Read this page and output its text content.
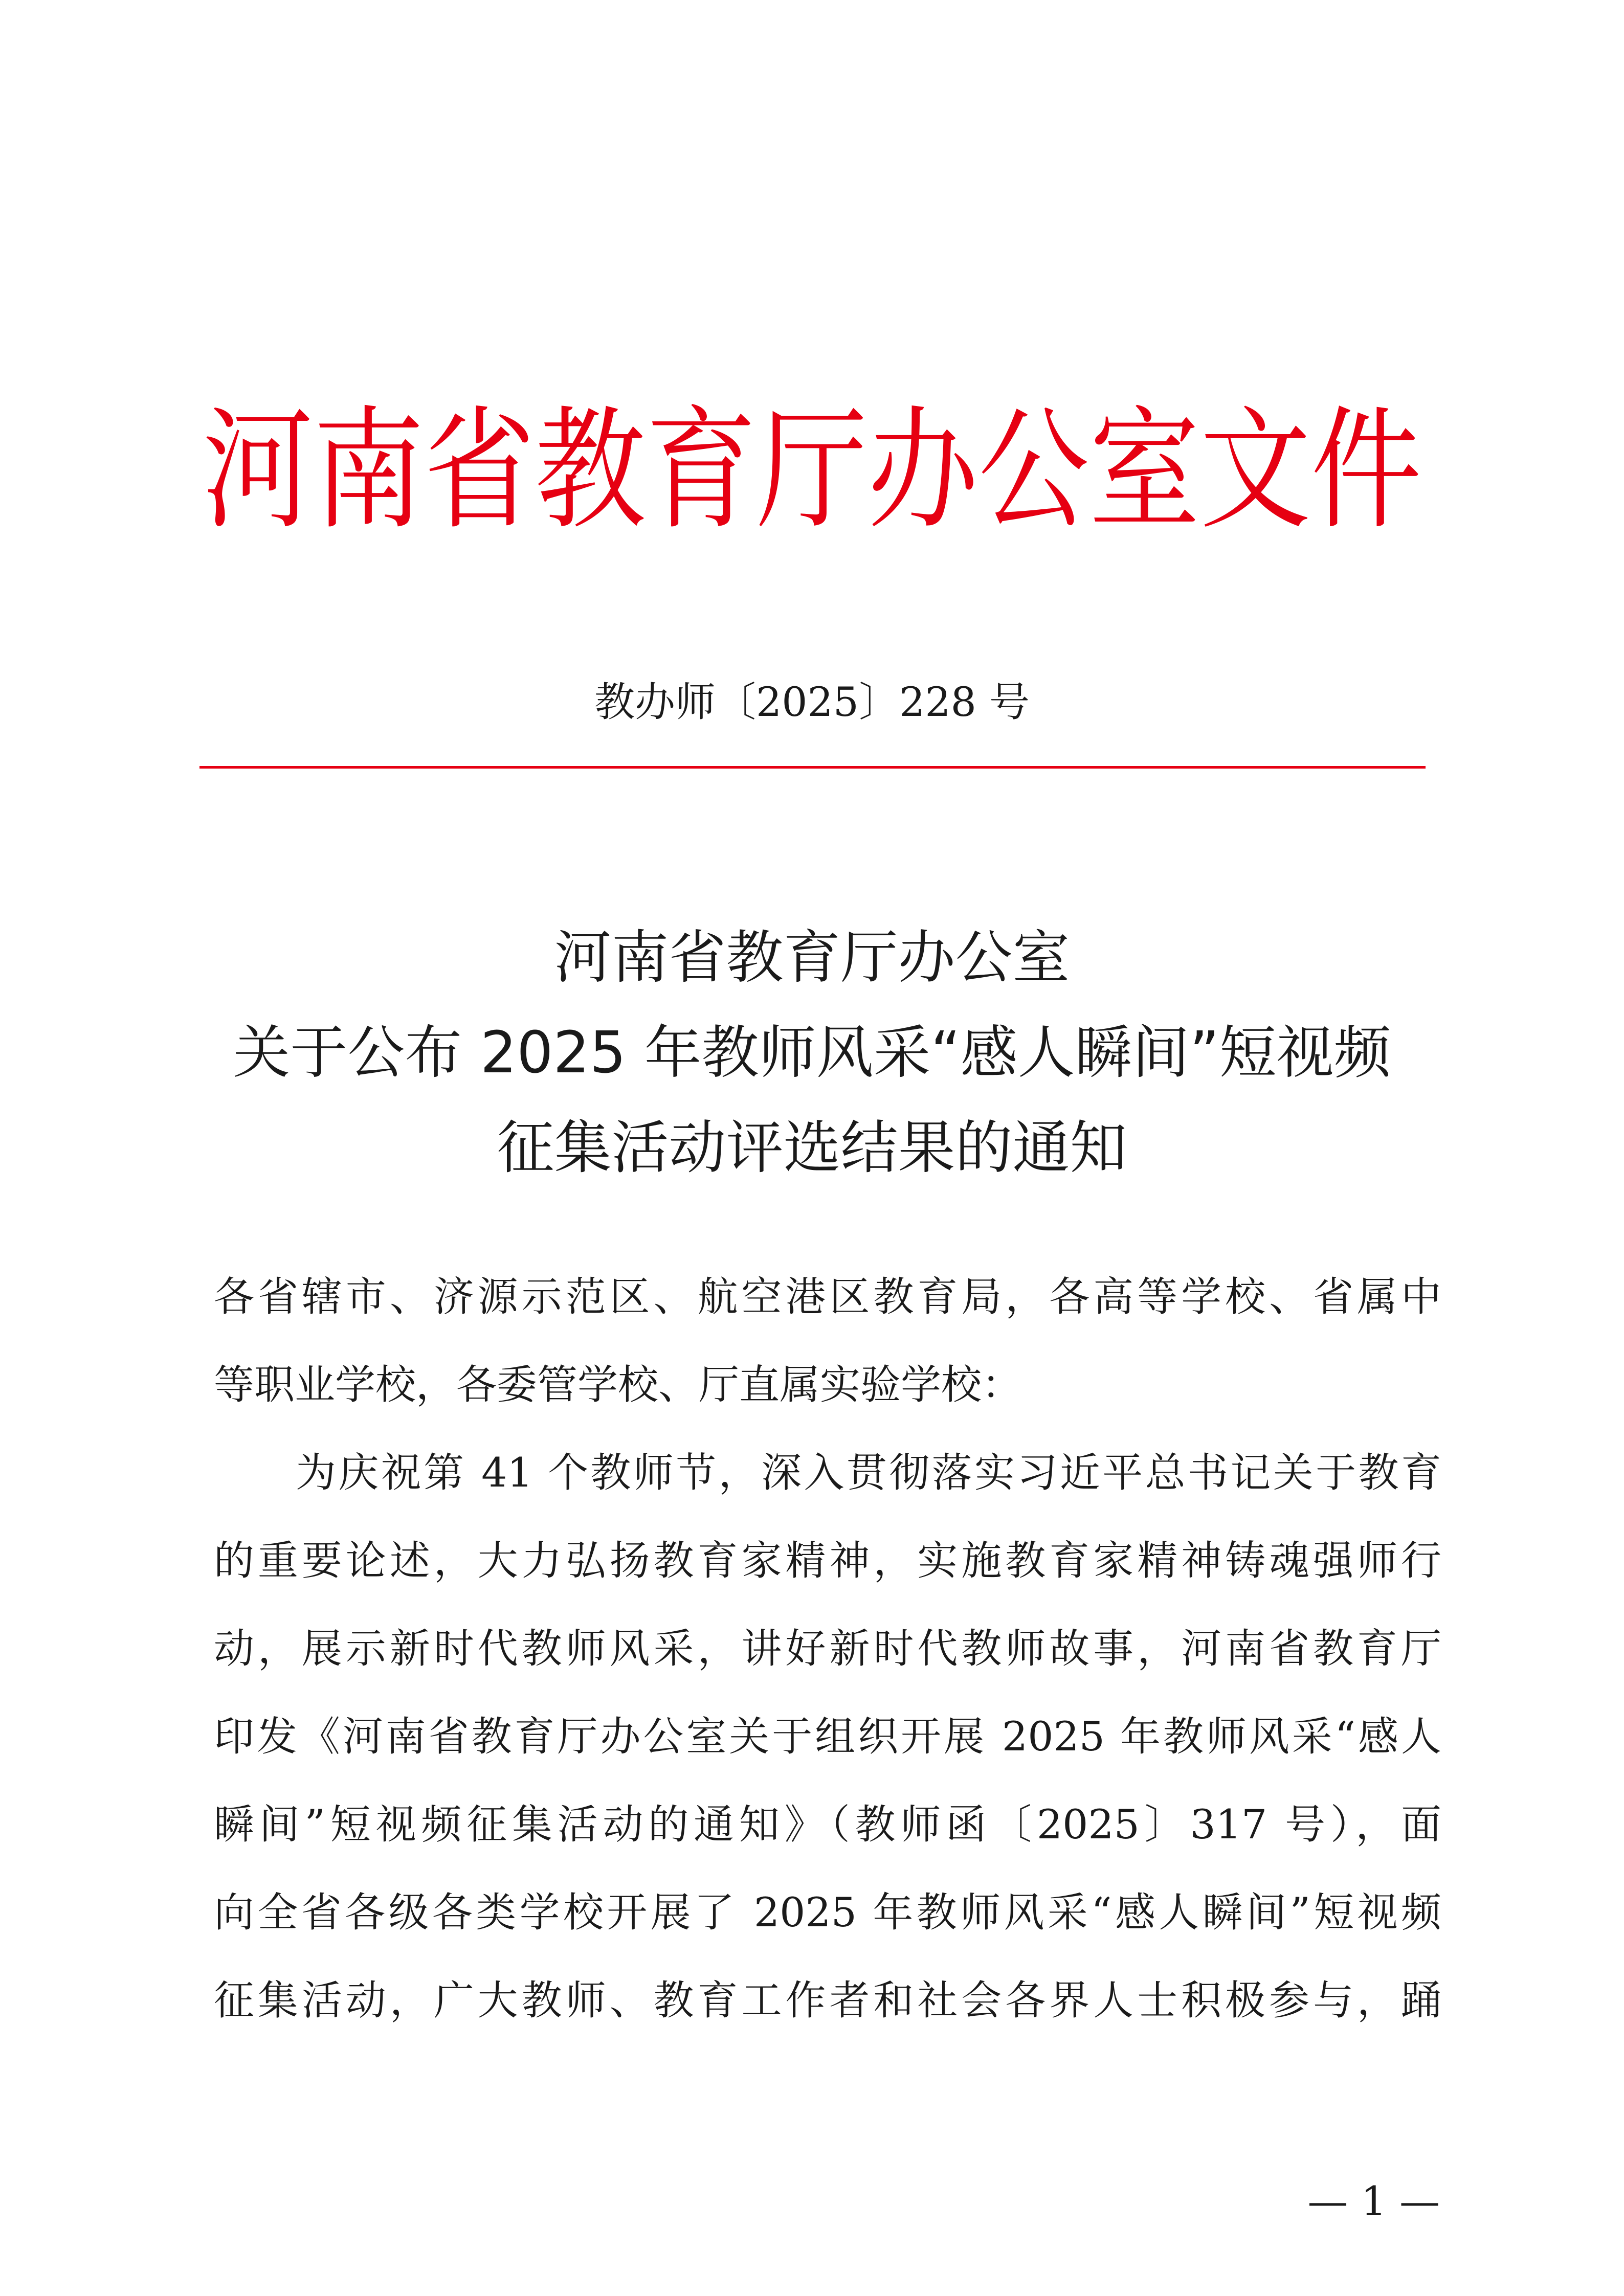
河南省教育厅办公室文件
教办师〔2025〕228 号
河南省教育厅办公室
关于公布 2025 年教师风采“感人瞬间”短视频
征集活动评选结果的通知
各省辖市、济源示范区、航空港区教育局，各高等学校、省属中
等职业学校，各委管学校、厅直属实验学校：
为庆祝第 41 个教师节，深入贯彻落实习近平总书记关于教育
的重要论述，大力弘扬教育家精神，实施教育家精神铸魂强师行
动，展示新时代教师风采，讲好新时代教师故事，河南省教育厅
印发《河南省教育厅办公室关于组织开展 2025 年教师风采“感人
瞬间”短视频征集活动的通知》（教师函〔2025〕317 号），面
向全省各级各类学校开展了 2025 年教师风采“感人瞬间”短视频
征集活动，广大教师、教育工作者和社会各界人士积极参与，踊
— 1 —
